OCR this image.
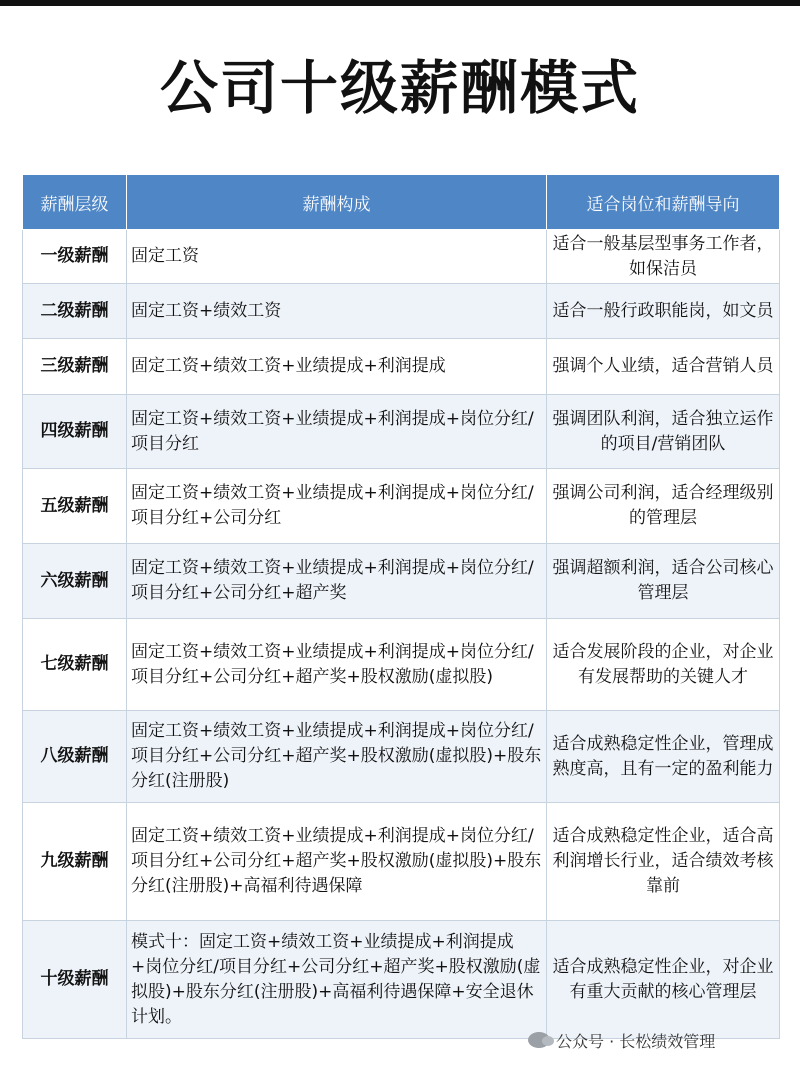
公司十级薪酬模式
薪酬层级	薪酬构成	适合岗位和薪酬导向
一级薪酬	固定工资	适合一般基层型事务工作者，如保洁员
二级薪酬	固定工资+绩效工资	适合一般行政职能岗，如文员
三级薪酬	固定工资+绩效工资+业绩提成+利润提成	强调个人业绩，适合营销人员
四级薪酬	固定工资+绩效工资+业绩提成+利润提成+岗位分红/项目分红	强调团队利润，适合独立运作的项目/营销团队
五级薪酬	固定工资+绩效工资+业绩提成+利润提成+岗位分红/项目分红+公司分红	强调公司利润，适合经理级别的管理层
六级薪酬	固定工资+绩效工资+业绩提成+利润提成+岗位分红/项目分红+公司分红+超产奖	强调超额利润，适合公司核心管理层
七级薪酬	固定工资+绩效工资+业绩提成+利润提成+岗位分红/项目分红+公司分红+超产奖+股权激励(虚拟股)	适合发展阶段的企业，对企业有发展帮助的关键人才
八级薪酬	固定工资+绩效工资+业绩提成+利润提成+岗位分红/项目分红+公司分红+超产奖+股权激励(虚拟股)+股东分红(注册股)	适合成熟稳定性企业，管理成熟度高，且有一定的盈利能力
九级薪酬	固定工资+绩效工资+业绩提成+利润提成+岗位分红/项目分红+公司分红+超产奖+股权激励(虚拟股)+股东分红(注册股)+高福利待遇保障	适合成熟稳定性企业，适合高利润增长行业，适合绩效考核靠前
十级薪酬	模式十：固定工资+绩效工资+业绩提成+利润提成+岗位分红/项目分红+公司分红+超产奖+股权激励(虚拟股)+股东分红(注册股)+高福利待遇保障+安全退休计划。	适合成熟稳定性企业，对企业有重大贡献的核心管理层
公众号 · 长松绩效管理
